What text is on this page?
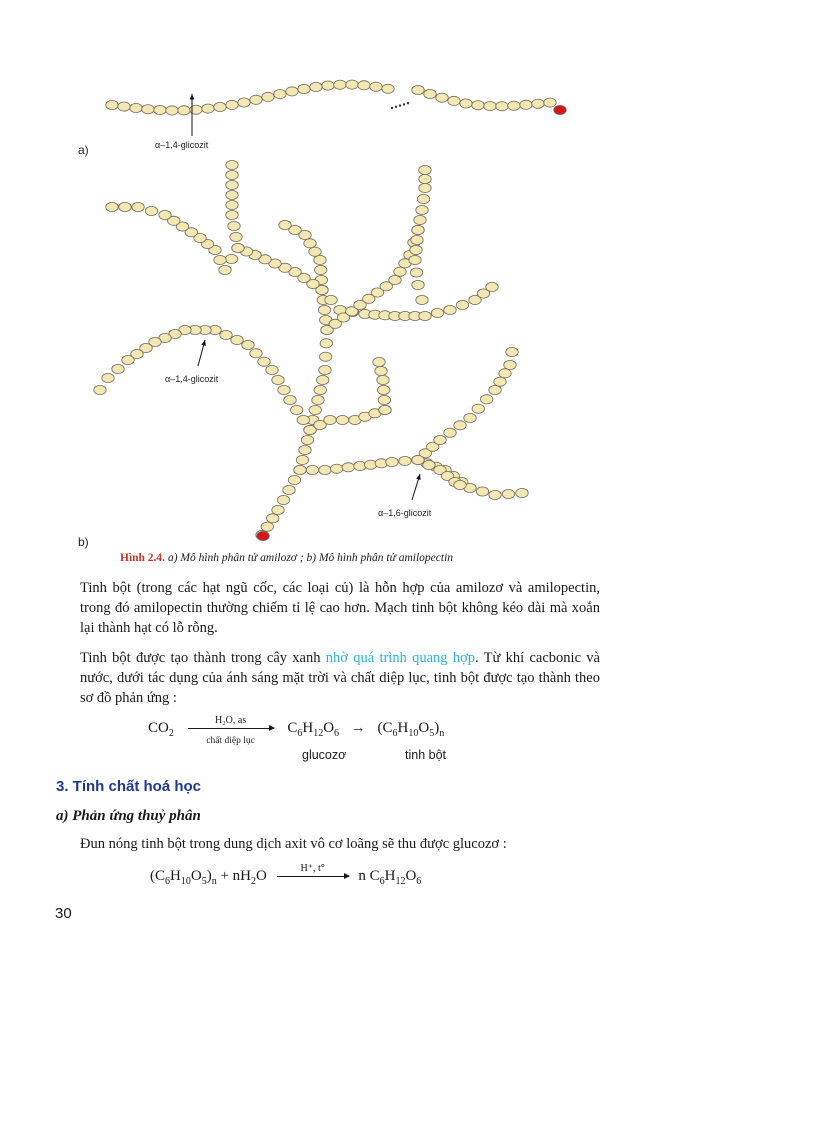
a)	α–1,4-glicozit
α–1,4-glicozit
α–1,6-glicozit
b)
Hình 2.4. a) Mô hình phân tử amilozơ ; b) Mô hình phân tử amilopectin
Tinh bột (trong các hạt ngũ cốc, các loại củ) là hỗn hợp của amilozơ và amilopectin, trong đó amilopectin thường chiếm tỉ lệ cao hơn. Mạch tinh bột không kéo dài mà xoắn lại thành hạt có lỗ rỗng.
Tinh bột được tạo thành trong cây xanh nhờ quá trình quang hợp. Từ khí cacbonic và nước, dưới tác dụng của ánh sáng mặt trời và chất diệp lục, tinh bột được tạo thành theo sơ đồ phản ứng :
$CO_2$
H₂O, as
chất diệp lục
$C_6H_{12}O_6 \to (C_6H_{10}O_5)_n$
glucozơ	tinh bột
3. Tính chất hoá học
a) Phản ứng thuỷ phân
Đun nóng tinh bột trong dung dịch axit vô cơ loãng sẽ thu được glucozơ :
$(C_6H_{10}O_5)_n + nH_2O$	H⁺, t°	n $C_6H_{12}O_6$
30
